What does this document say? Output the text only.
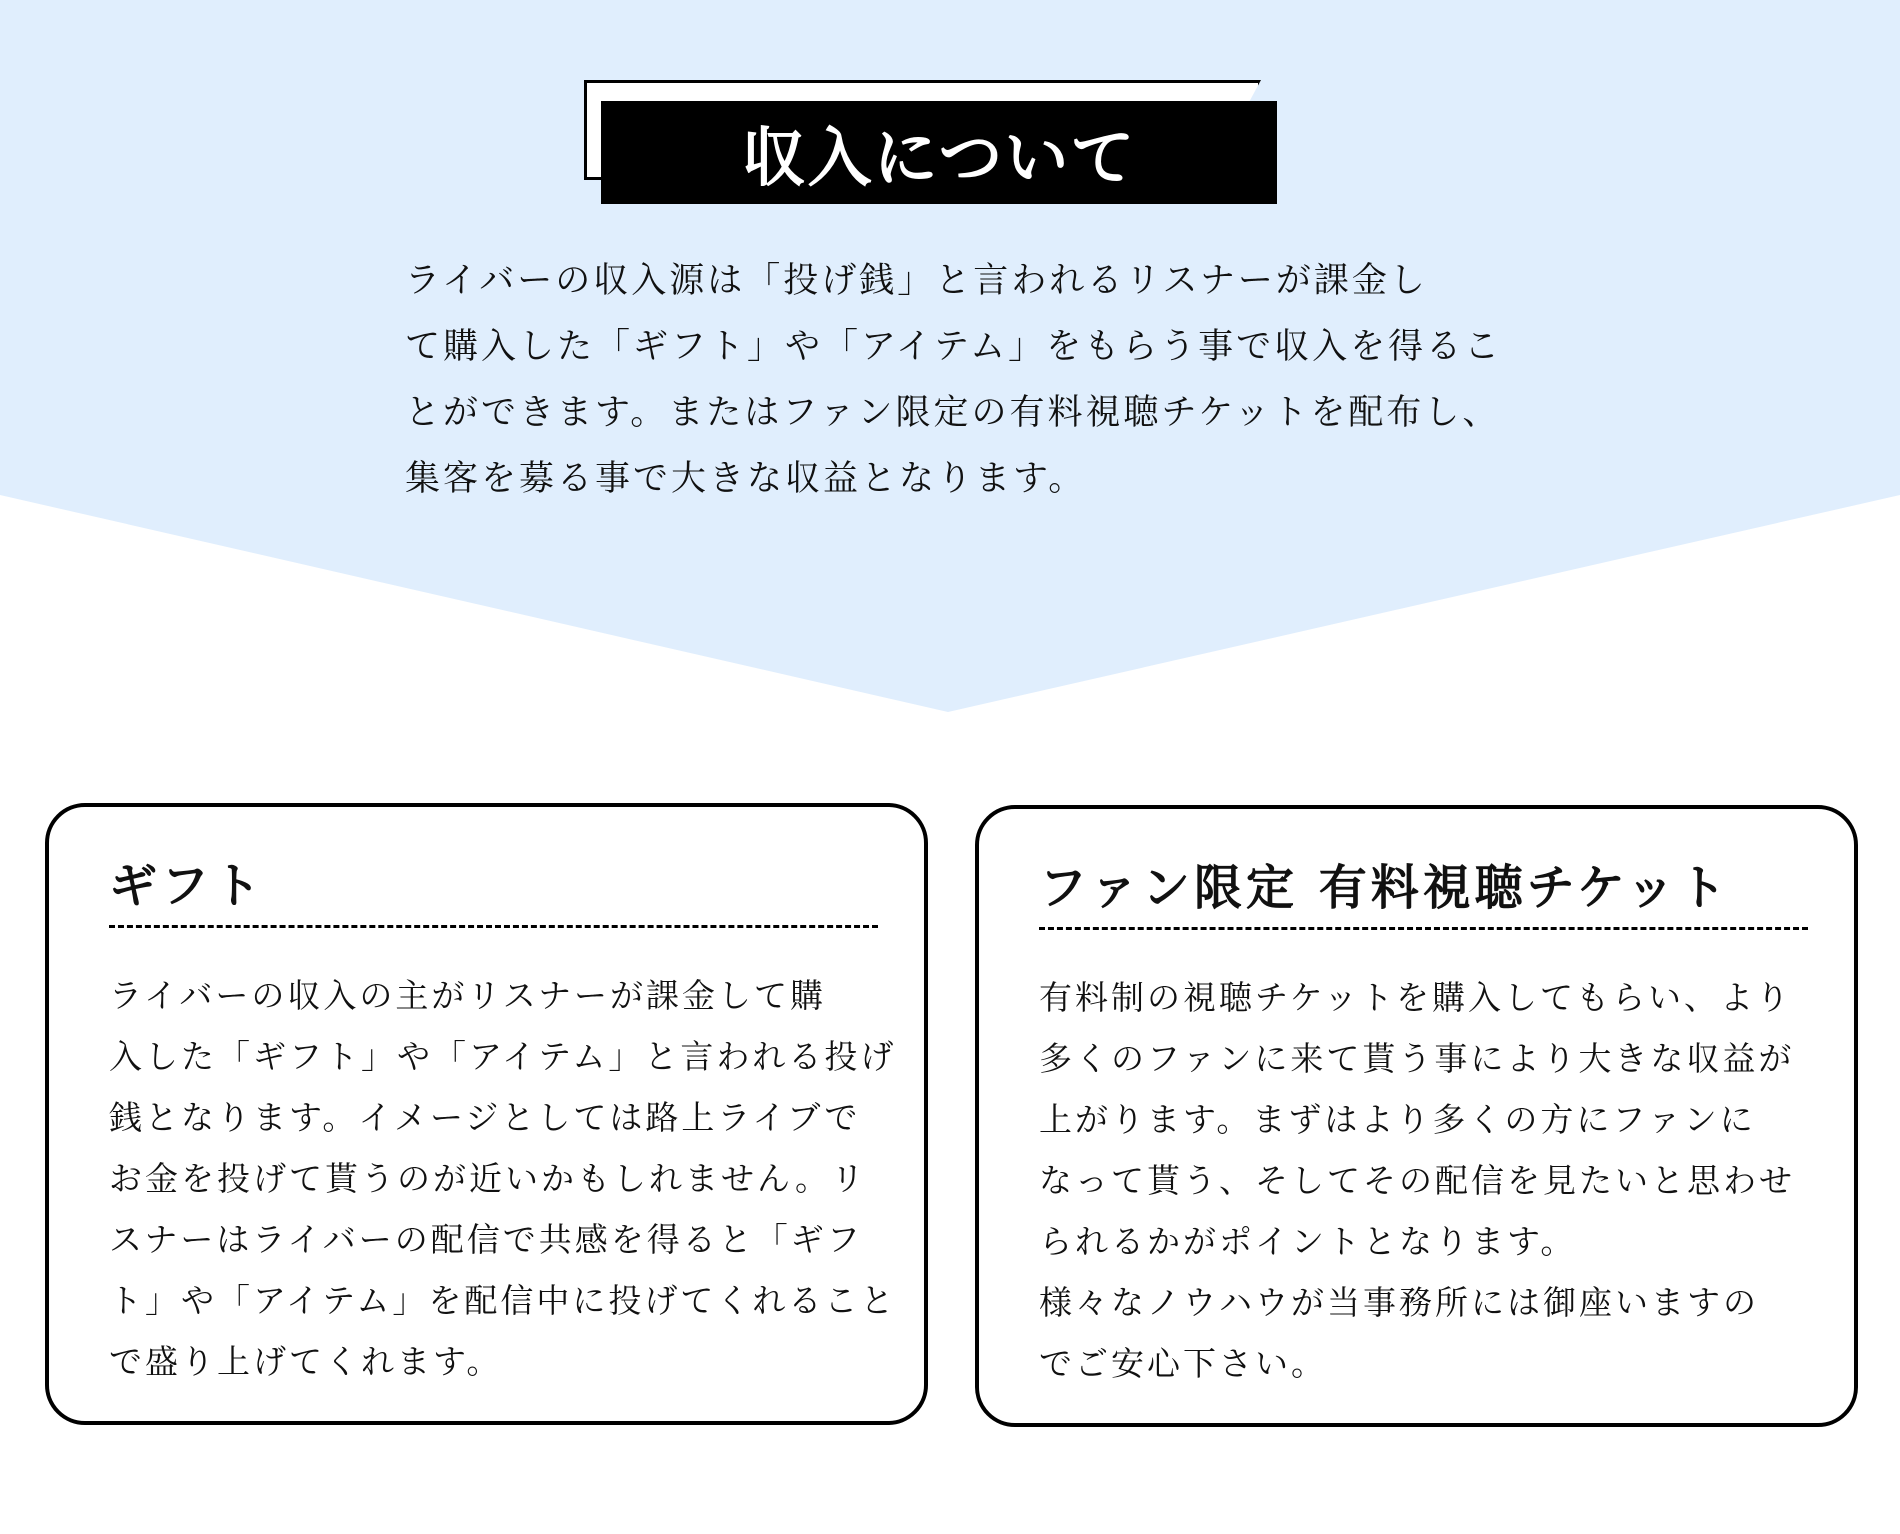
収入について

ライバーの収入源は「投げ銭」と言われるリスナーが課金し
て購入した「ギフト」や「アイテム」をもらう事で収入を得るこ
とができます。またはファン限定の有料視聴チケットを配布し、
集客を募る事で大きな収益となります。

ギフト

ライバーの収入の主がリスナーが課金して購
入した「ギフト」や「アイテム」と言われる投げ
銭となります。イメージとしては路上ライブで
お金を投げて貰うのが近いかもしれません。リ
スナーはライバーの配信で共感を得ると「ギフ
ト」や「アイテム」を配信中に投げてくれること
で盛り上げてくれます。

ファン限定 有料視聴チケット

有料制の視聴チケットを購入してもらい、より
多くのファンに来て貰う事により大きな収益が
上がります。まずはより多くの方にファンに
なって貰う、そしてその配信を見たいと思わせ
られるかがポイントとなります。
様々なノウハウが当事務所には御座いますの
でご安心下さい。
